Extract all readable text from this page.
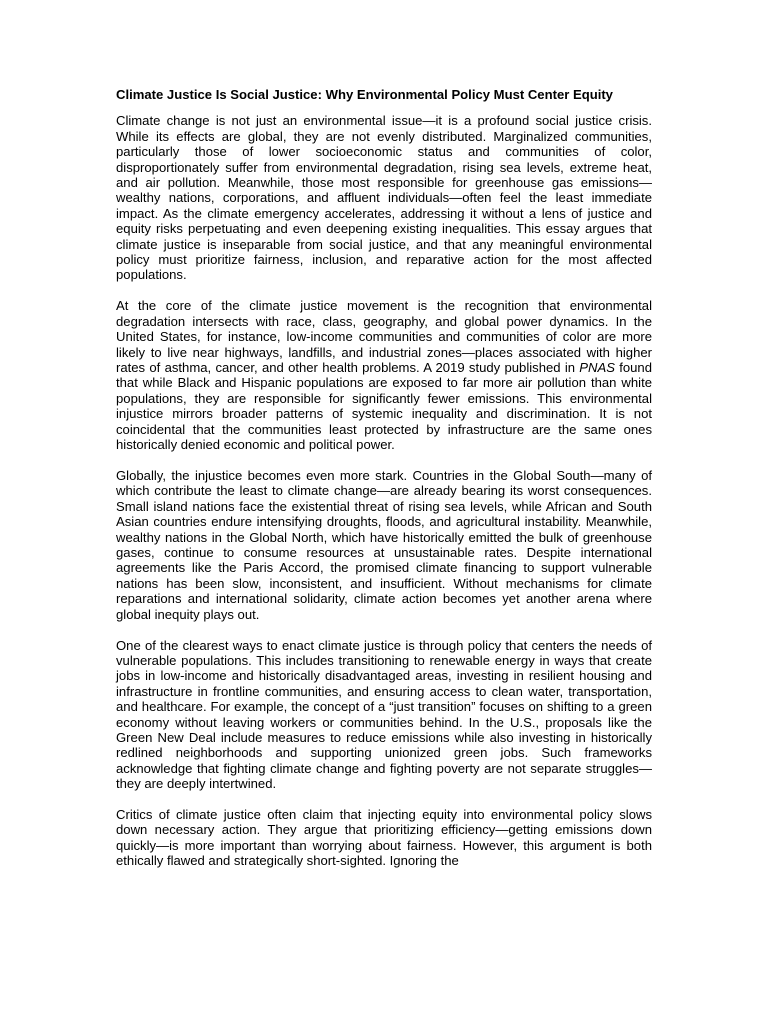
Climate Justice Is Social Justice: Why Environmental Policy Must Center Equity

Climate change is not just an environmental issue—it is a profound social justice crisis. While its effects are global, they are not evenly distributed. Marginalized communities, particularly those of lower socioeconomic status and communities of color, disproportionately suffer from environmental degradation, rising sea levels, extreme heat, and air pollution. Meanwhile, those most responsible for greenhouse gas emissions—wealthy nations, corporations, and affluent individuals—often feel the least immediate impact. As the climate emergency accelerates, addressing it without a lens of justice and equity risks perpetuating and even deepening existing inequalities. This essay argues that climate justice is inseparable from social justice, and that any meaningful environmental policy must prioritize fairness, inclusion, and reparative action for the most affected populations.

At the core of the climate justice movement is the recognition that environmental degradation intersects with race, class, geography, and global power dynamics. In the United States, for instance, low-income communities and communities of color are more likely to live near highways, landfills, and industrial zones—places associated with higher rates of asthma, cancer, and other health problems. A 2019 study published in PNAS found that while Black and Hispanic populations are exposed to far more air pollution than white populations, they are responsible for significantly fewer emissions. This environmental injustice mirrors broader patterns of systemic inequality and discrimination. It is not coincidental that the communities least protected by infrastructure are the same ones historically denied economic and political power.

Globally, the injustice becomes even more stark. Countries in the Global South—many of which contribute the least to climate change—are already bearing its worst consequences. Small island nations face the existential threat of rising sea levels, while African and South Asian countries endure intensifying droughts, floods, and agricultural instability. Meanwhile, wealthy nations in the Global North, which have historically emitted the bulk of greenhouse gases, continue to consume resources at unsustainable rates. Despite international agreements like the Paris Accord, the promised climate financing to support vulnerable nations has been slow, inconsistent, and insufficient. Without mechanisms for climate reparations and international solidarity, climate action becomes yet another arena where global inequity plays out.

One of the clearest ways to enact climate justice is through policy that centers the needs of vulnerable populations. This includes transitioning to renewable energy in ways that create jobs in low-income and historically disadvantaged areas, investing in resilient housing and infrastructure in frontline communities, and ensuring access to clean water, transportation, and healthcare. For example, the concept of a “just transition” focuses on shifting to a green economy without leaving workers or communities behind. In the U.S., proposals like the Green New Deal include measures to reduce emissions while also investing in historically redlined neighborhoods and supporting unionized green jobs. Such frameworks acknowledge that fighting climate change and fighting poverty are not separate struggles—they are deeply intertwined.

Critics of climate justice often claim that injecting equity into environmental policy slows down necessary action. They argue that prioritizing efficiency—getting emissions down quickly—is more important than worrying about fairness. However, this argument is both ethically flawed and strategically short-sighted. Ignoring the
